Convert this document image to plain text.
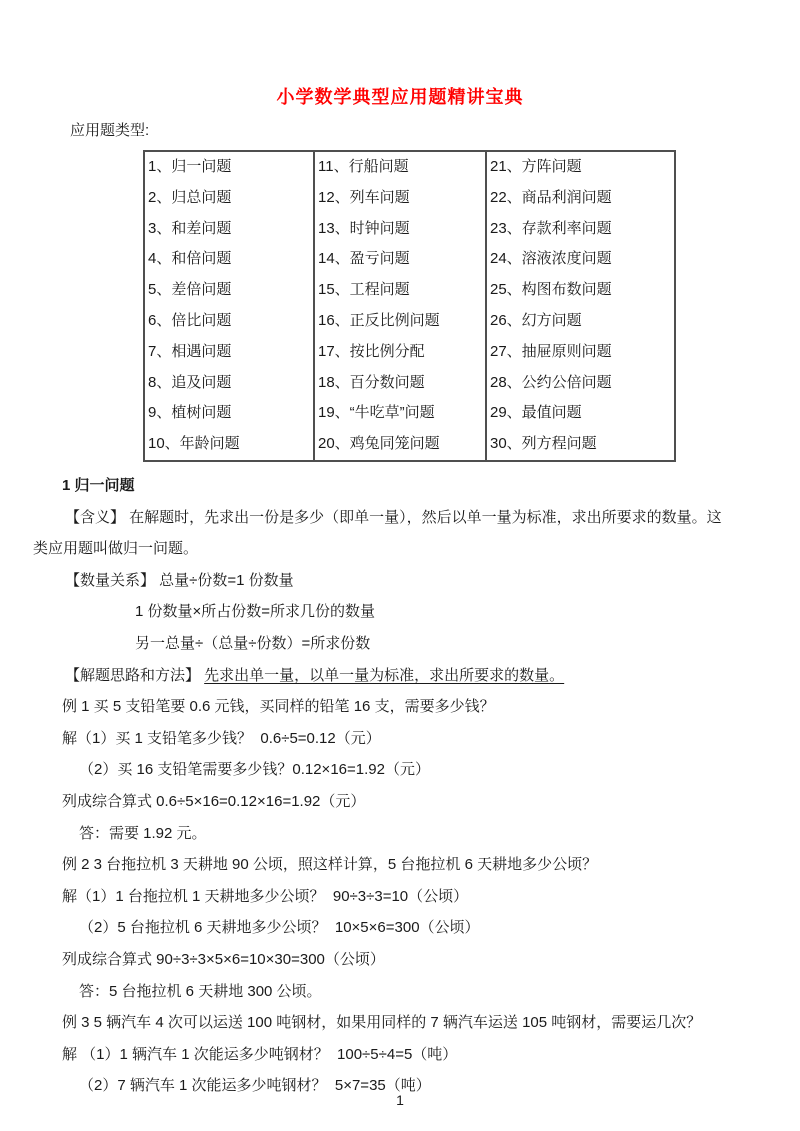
小学数学典型应用题精讲宝典

应用题类型:

1、归一问题
2、归总问题
3、和差问题
4、和倍问题
5、差倍问题
6、倍比问题
7、相遇问题
8、追及问题
9、植树问题
10、年龄问题
11、行船问题
12、列车问题
13、时钟问题
14、盈亏问题
15、工程问题
16、正反比例问题
17、按比例分配
18、百分数问题
19、“牛吃草”问题
20、鸡兔同笼问题
21、方阵问题
22、商品利润问题
23、存款利率问题
24、溶液浓度问题
25、构图布数问题
26、幻方问题
27、抽屉原则问题
28、公约公倍问题
29、最值问题
30、列方程问题

1 归一问题

【含义】 在解题时，先求出一份是多少（即单一量），然后以单一量为标准，求出所要求的数量。这

类应用题叫做归一问题。

【数量关系】 总量÷份数=1 份数量

1 份数量×所占份数=所求几份的数量

另一总量÷（总量÷份数）=所求份数

【解题思路和方法】 先求出单一量，以单一量为标准，求出所要求的数量。

例 1 买 5 支铅笔要 0.6 元钱，买同样的铅笔 16 支，需要多少钱？

解（1）买 1 支铅笔多少钱？  0.6÷5=0.12（元）

（2）买 16 支铅笔需要多少钱？0.12×16=1.92（元）

列成综合算式 0.6÷5×16=0.12×16=1.92（元）

答：需要 1.92 元。

例 2 3 台拖拉机 3 天耕地 90 公顷，照这样计算，5 台拖拉机 6 天耕地多少公顷？

解（1）1 台拖拉机 1 天耕地多少公顷？  90÷3÷3=10（公顷）

（2）5 台拖拉机 6 天耕地多少公顷？  10×5×6=300（公顷）

列成综合算式 90÷3÷3×5×6=10×30=300（公顷）

答：5 台拖拉机 6 天耕地 300 公顷。

例 3 5 辆汽车 4 次可以运送 100 吨钢材，如果用同样的 7 辆汽车运送 105 吨钢材，需要运几次？

解 （1）1 辆汽车 1 次能运多少吨钢材？  100÷5÷4=5（吨）

（2）7 辆汽车 1 次能运多少吨钢材？  5×7=35（吨）

1
